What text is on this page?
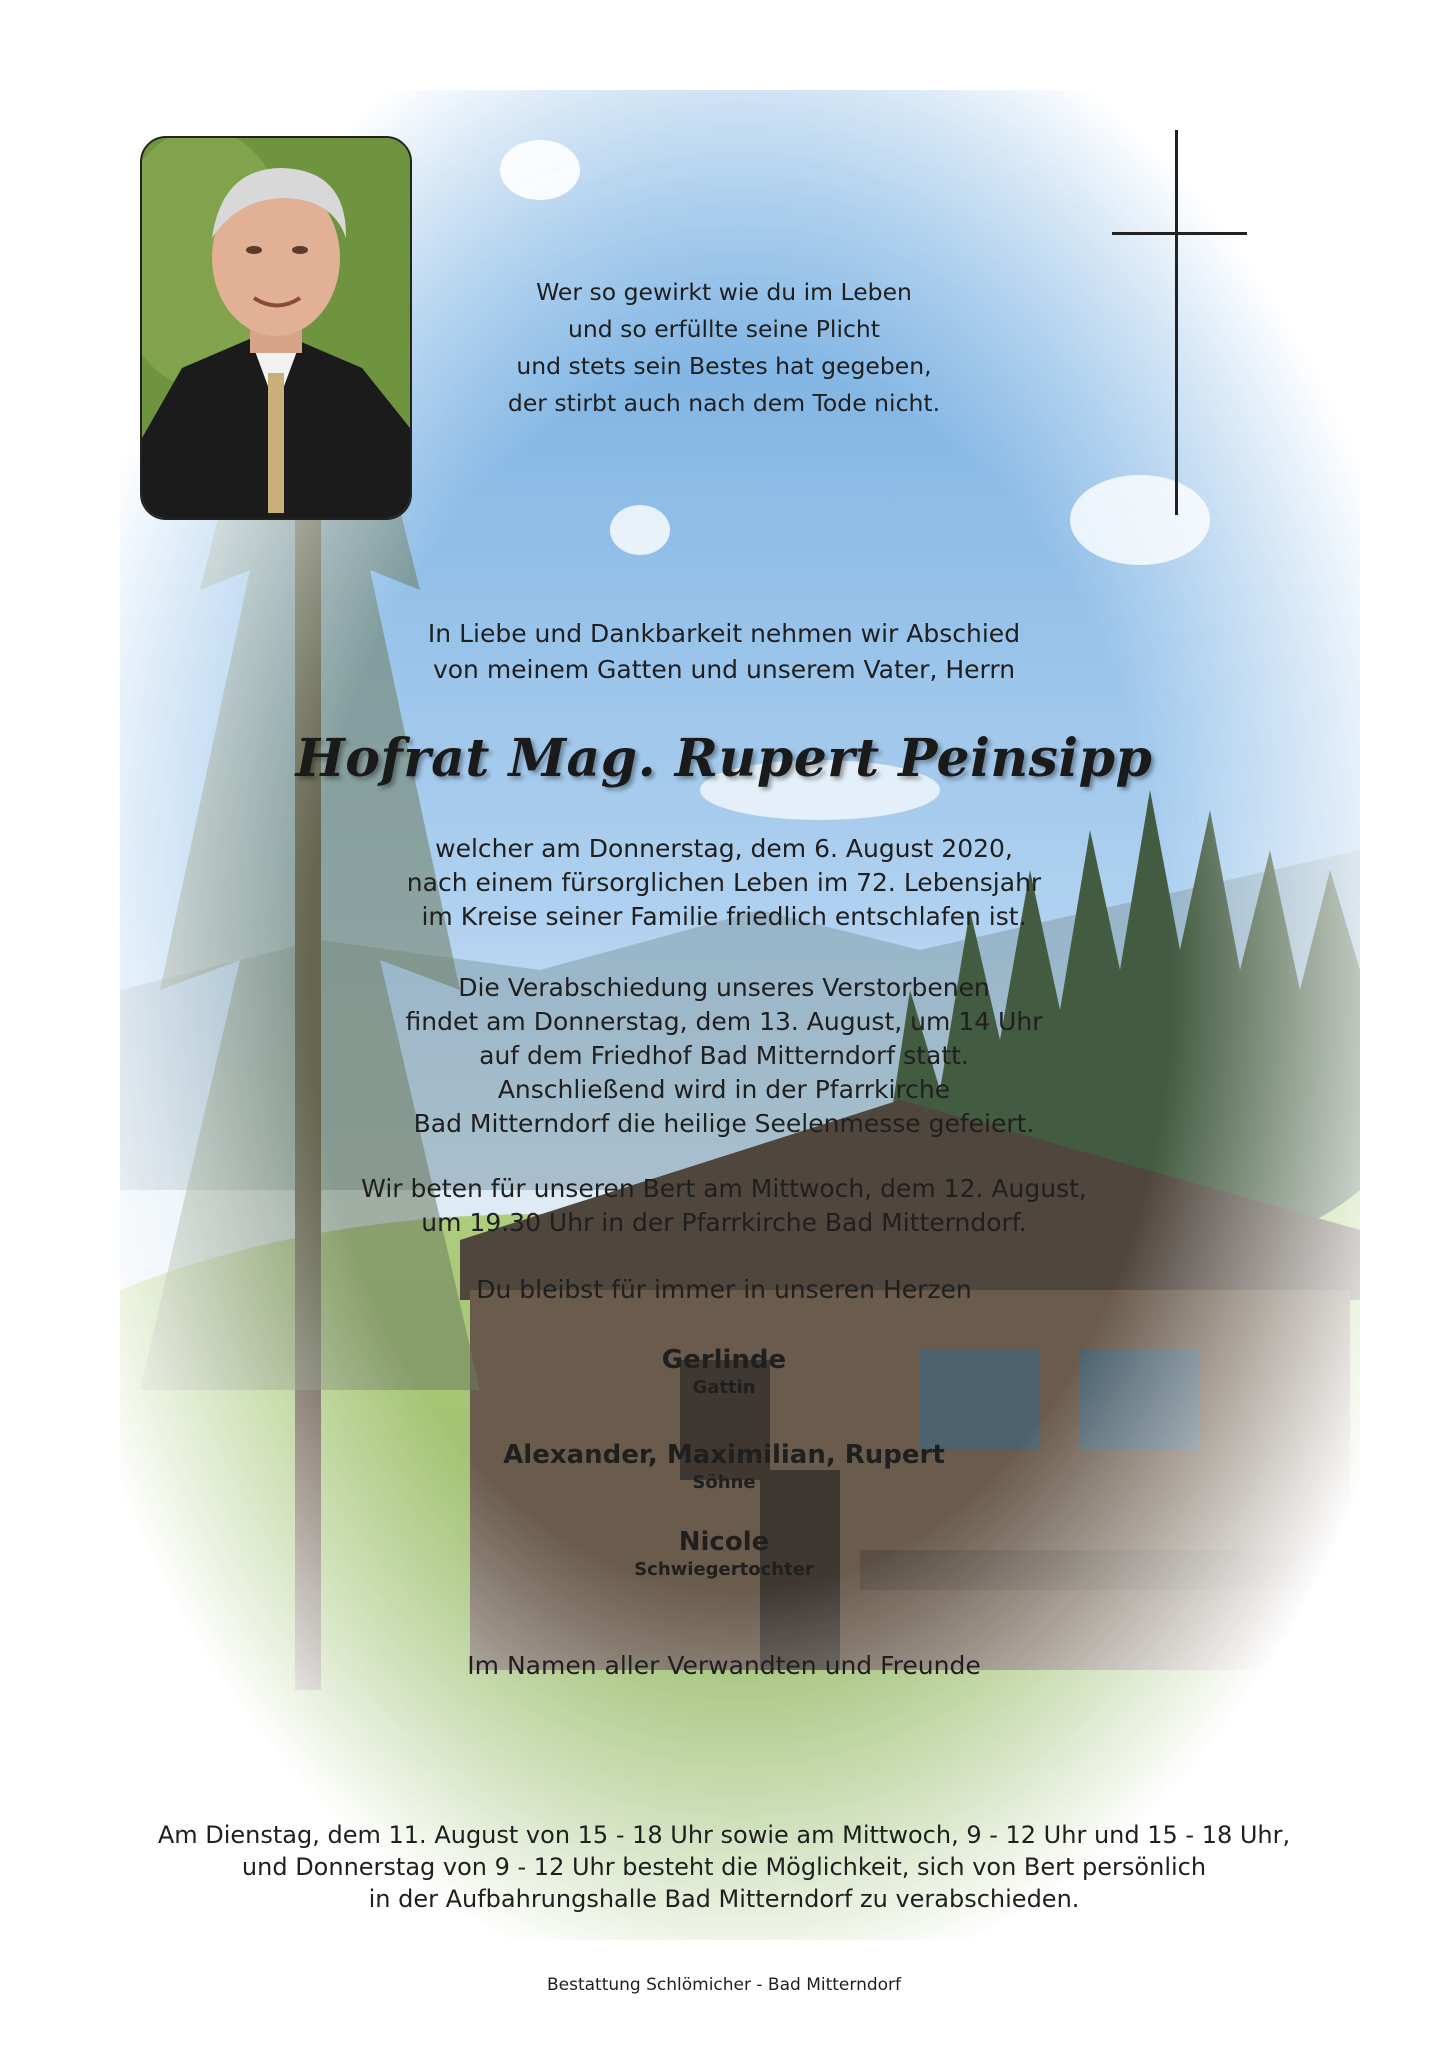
Wer so gewirkt wie du im Leben
und so erfüllte seine Plicht
und stets sein Bestes hat gegeben,
der stirbt auch nach dem Tode nicht.
In Liebe und Dankbarkeit nehmen wir Abschied
von meinem Gatten und unserem Vater, Herrn
Hofrat Mag. Rupert Peinsipp
welcher am Donnerstag, dem 6. August 2020,
nach einem fürsorglichen Leben im 72. Lebensjahr
im Kreise seiner Familie friedlich entschlafen ist.
Die Verabschiedung unseres Verstorbenen
findet am Donnerstag, dem 13. August, um 14 Uhr
auf dem Friedhof Bad Mitterndorf statt.
Anschließend wird in der Pfarrkirche
Bad Mitterndorf die heilige Seelenmesse gefeiert.
Wir beten für unseren Bert am Mittwoch, dem 12. August,
um 19.30 Uhr in der Pfarrkirche Bad Mitterndorf.
Du bleibst für immer in unseren Herzen
Gerlinde
Gattin
Alexander, Maximilian, Rupert
Söhne
Nicole
Schwiegertochter
Im Namen aller Verwandten und Freunde
Am Dienstag, dem 11. August von 15 - 18 Uhr sowie am Mittwoch, 9 - 12 Uhr und 15 - 18 Uhr,
und Donnerstag von 9 - 12 Uhr besteht die Möglichkeit, sich von Bert persönlich
in der Aufbahrungshalle Bad Mitterndorf zu verabschieden.
Bestattung Schlömicher - Bad Mitterndorf
